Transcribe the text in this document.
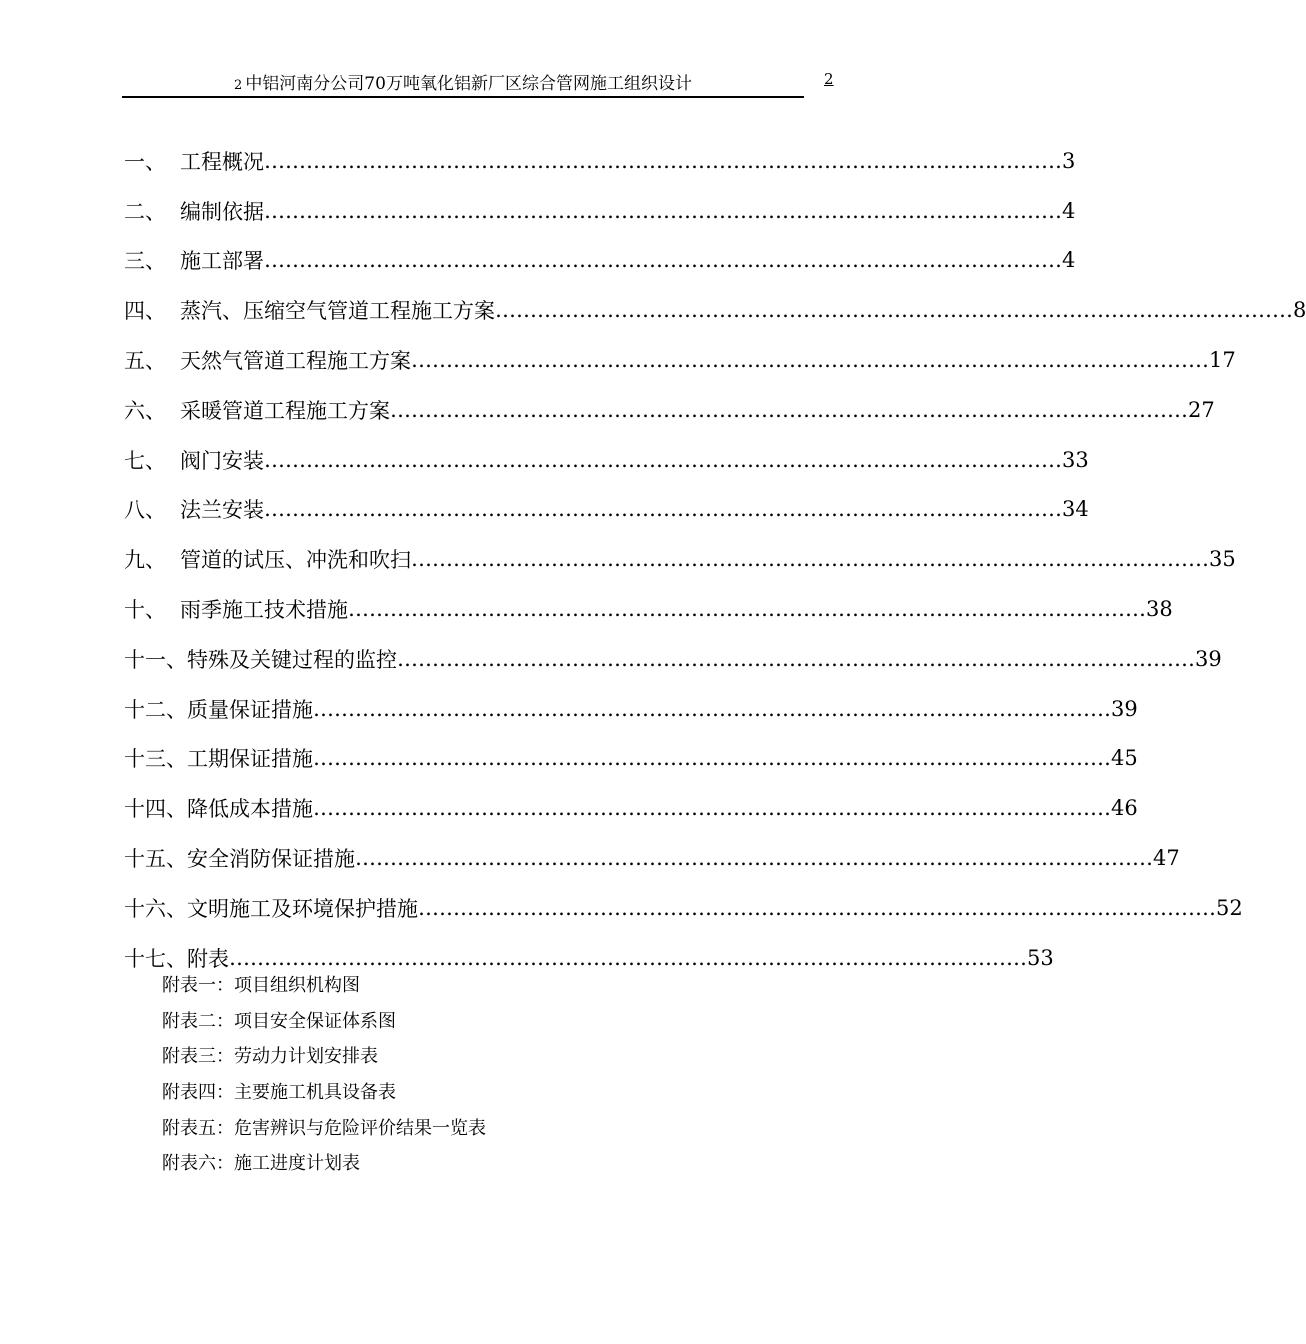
2 中铝河南分公司70万吨氧化铝新厂区综合管网施工组织设计	2
一、 工程概况 …………………………………………………………………………………………………… 3
二、 编制依据 …………………………………………………………………………………………………… 4
三、 施工部署 …………………………………………………………………………………………………… 4
四、 蒸汽、压缩空气管道工程施工方案 …………………………………………………………………………………………………… 8
五、 天然气管道工程施工方案 …………………………………………………………………………………………………… 17
六、 采暖管道工程施工方案 …………………………………………………………………………………………………… 27
七、 阀门安装 …………………………………………………………………………………………………… 33
八、 法兰安装 …………………………………………………………………………………………………… 34
九、 管道的试压、冲洗和吹扫 …………………………………………………………………………………………………… 35
十、 雨季施工技术措施 …………………………………………………………………………………………………… 38
十一、 特殊及关键过程的监控 …………………………………………………………………………………………………… 39
十二、 质量保证措施 …………………………………………………………………………………………………… 39
十三、 工期保证措施 …………………………………………………………………………………………………… 45
十四、 降低成本措施 …………………………………………………………………………………………………… 46
十五、 安全消防保证措施 …………………………………………………………………………………………………… 47
十六、 文明施工及环境保护措施 …………………………………………………………………………………………………… 52
十七、 附表 …………………………………………………………………………………………………… 53
附表一：项目组织机构图
附表二：项目安全保证体系图
附表三：劳动力计划安排表
附表四：主要施工机具设备表
附表五：危害辨识与危险评价结果一览表
附表六：施工进度计划表
